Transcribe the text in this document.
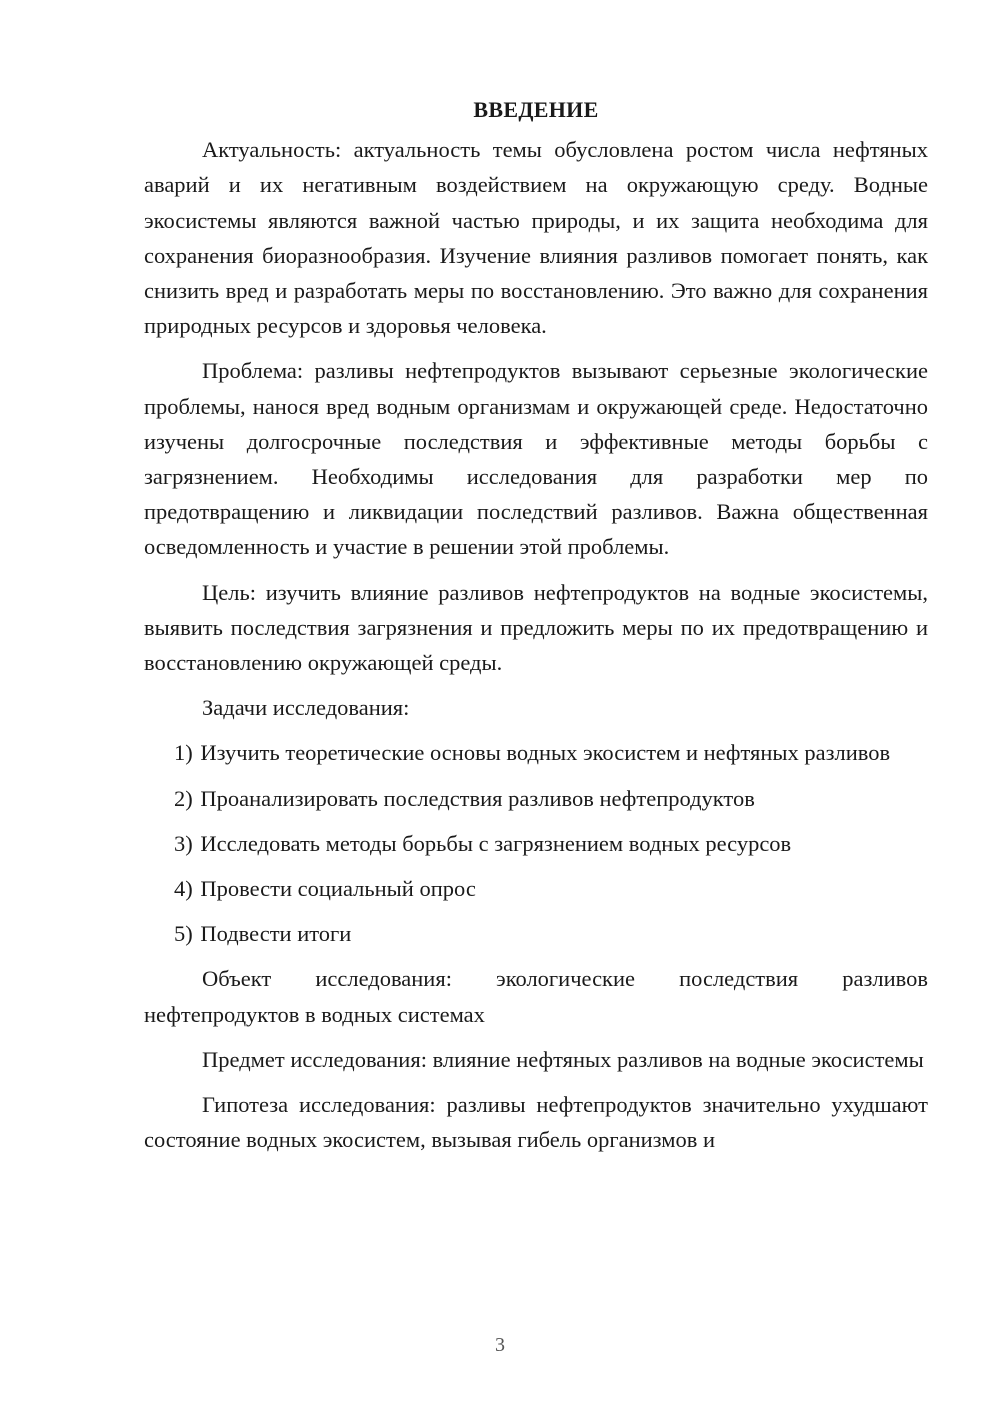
ВВЕДЕНИЕ

Актуальность: актуальность темы обусловлена ростом числа нефтяных аварий и их негативным воздействием на окружающую среду. Водные экосистемы являются важной частью природы, и их защита необходима для сохранения биоразнообразия. Изучение влияния разливов помогает понять, как снизить вред и разработать меры по восстановлению. Это важно для сохранения природных ресурсов и здоровья человека.

Проблема: разливы нефтепродуктов вызывают серьезные экологические проблемы, нанося вред водным организмам и окружающей среде. Недостаточно изучены долгосрочные последствия и эффективные методы борьбы с загрязнением. Необходимы исследования для разработки мер по предотвращению и ликвидации последствий разливов. Важна общественная осведомленность и участие в решении этой проблемы.

Цель: изучить влияние разливов нефтепродуктов на водные экосистемы, выявить последствия загрязнения и предложить меры по их предотвращению и восстановлению окружающей среды.

Задачи исследования:

1) Изучить теоретические основы водных экосистем и нефтяных разливов

2) Проанализировать последствия разливов нефтепродуктов

3) Исследовать методы борьбы с загрязнением водных ресурсов

4) Провести социальный опрос

5) Подвести итоги

Объект исследования: экологические последствия разливов нефтепродуктов в водных системах

Предмет исследования: влияние нефтяных разливов на водные экосистемы

Гипотеза исследования: разливы нефтепродуктов значительно ухудшают состояние водных экосистем, вызывая гибель организмов и

3
